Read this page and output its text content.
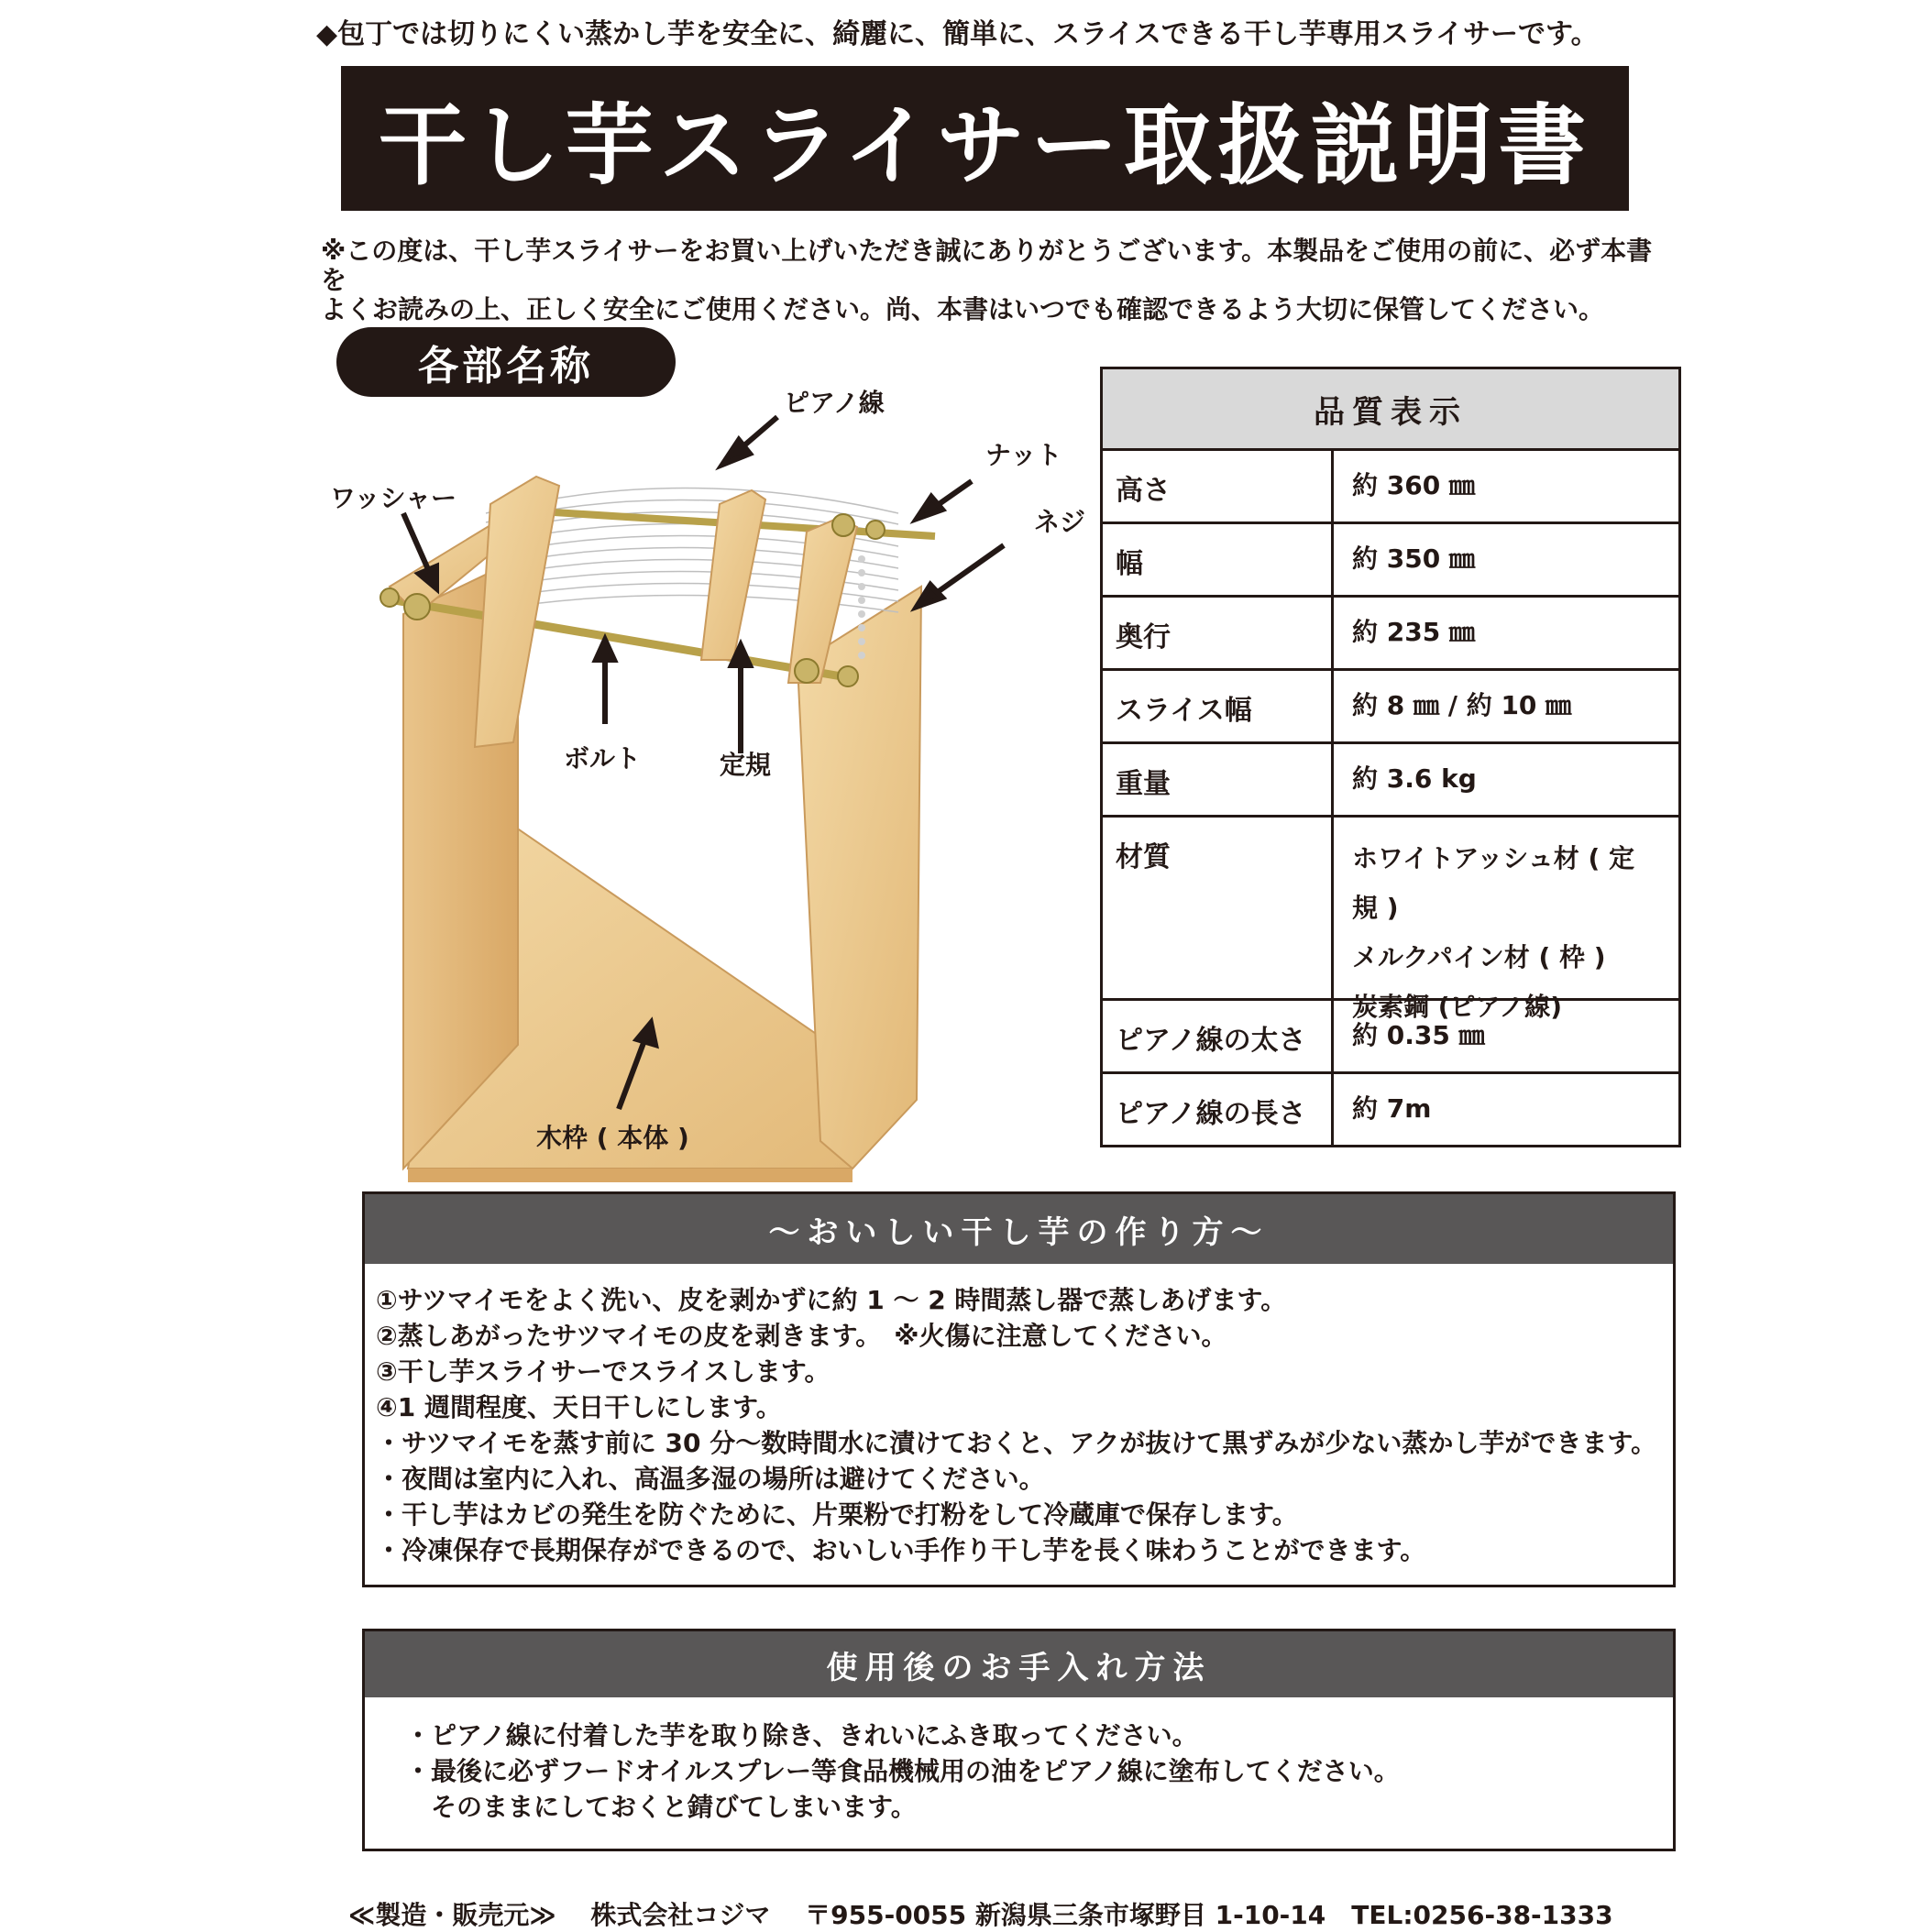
◆包丁では切りにくい蒸かし芋を安全に、綺麗に、簡単に、スライスできる干し芋専用スライサーです。
干し芋スライサー取扱説明書
※この度は、干し芋スライサーをお買い上げいただき誠にありがとうございます。本製品をご使用の前に、必ず本書を
よくお読みの上、正しく安全にご使用ください。尚、本書はいつでも確認できるよう大切に保管してください。
各部名称
ピアノ線
ナット
ネジ
ワッシャー
ボルト	定規
木枠 ( 本体 )
品質表示
高さ	約 360 ㎜
幅	約 350 ㎜
奥行	約 235 ㎜
スライス幅	約 8 ㎜ / 約 10 ㎜
重量	約 3.6 kg
材質	ホワイトアッシュ材 ( 定規 )
メルクパイン材 ( 枠 )
炭素鋼 (ピアノ線)
ピアノ線の太さ	約 0.35 ㎜
ピアノ線の長さ	約 7m
～おいしい干し芋の作り方～
①サツマイモをよく洗い、皮を剥かずに約 1 ～ 2 時間蒸し器で蒸しあげます。
②蒸しあがったサツマイモの皮を剥きます。　※火傷に注意してください。
③干し芋スライサーでスライスします。
④1 週間程度、天日干しにします。
・サツマイモを蒸す前に 30 分～数時間水に漬けておくと、アクが抜けて黒ずみが少ない蒸かし芋ができます。
・夜間は室内に入れ、高温多湿の場所は避けてください。
・干し芋はカビの発生を防ぐために、片栗粉で打粉をして冷蔵庫で保存します。
・冷凍保存で長期保存ができるので、おいしい手作り干し芋を長く味わうことができます。
使用後のお手入れ方法
・ピアノ線に付着した芋を取り除き、きれいにふき取ってください。
・最後に必ずフードオイルスプレー等食品機械用の油をピアノ線に塗布してください。
　そのままにしておくと錆びてしまいます。
≪製造・販売元≫　 株式会社コジマ　 〒955-0055 新潟県三条市塚野目 1-10-14　TEL:0256-38-1333
